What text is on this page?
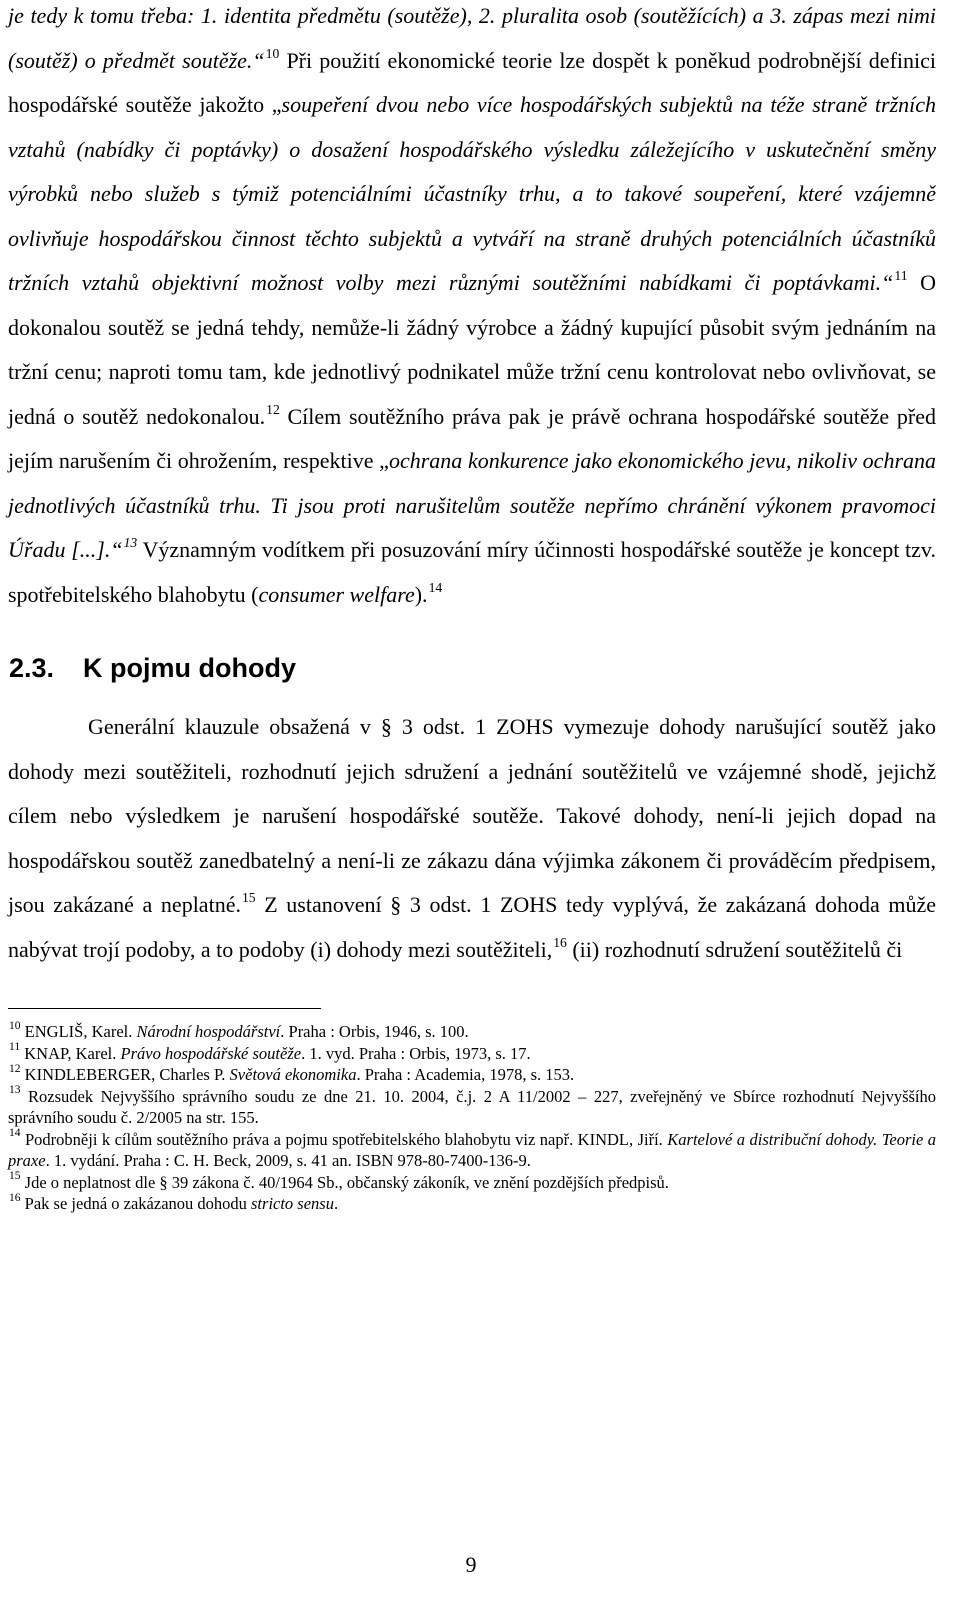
je tedy k tomu třeba: 1. identita předmětu (soutěže), 2. pluralita osob (soutěžících) a 3. zápas mezi nimi (soutěž) o předmět soutěže.“$^{10}$ Při použití ekonomické teorie lze dospět k poněkud podrobnější definici hospodářské soutěže jakožto „soupeření dvou nebo více hospodářských subjektů na téže straně tržních vztahů (nabídky či poptávky) o dosažení hospodářského výsledku záležejícího v uskutečnění směny výrobků nebo služeb s týmiž potenciálními účastníky trhu, a to takové soupeření, které vzájemně ovlivňuje hospodářskou činnost těchto subjektů a vytváří na straně druhých potenciálních účastníků tržních vztahů objektivní možnost volby mezi různými soutěžními nabídkami či poptávkami.“$^{11}$ O dokonalou soutěž se jedná tehdy, nemůže-li žádný výrobce a žádný kupující působit svým jednáním na tržní cenu; naproti tomu tam, kde jednotlivý podnikatel může tržní cenu kontrolovat nebo ovlivňovat, se jedná o soutěž nedokonalou.$^{12}$ Cílem soutěžního práva pak je právě ochrana hospodářské soutěže před jejím narušením či ohrožením, respektive „ochrana konkurence jako ekonomického jevu, nikoliv ochrana jednotlivých účastníků trhu. Ti jsou proti narušitelům soutěže nepřímo chránění výkonem pravomoci Úřadu [...].“$^{13}$ Významným vodítkem při posuzování míry účinnosti hospodářské soutěže je koncept tzv. spotřebitelského blahobytu (consumer welfare).$^{14}$

2.3. K pojmu dohody

Generální klauzule obsažená v § 3 odst. 1 ZOHS vymezuje dohody narušující soutěž jako dohody mezi soutěžiteli, rozhodnutí jejich sdružení a jednání soutěžitelů ve vzájemné shodě, jejichž cílem nebo výsledkem je narušení hospodářské soutěže. Takové dohody, není-li jejich dopad na hospodářskou soutěž zanedbatelný a není-li ze zákazu dána výjimka zákonem či prováděcím předpisem, jsou zakázané a neplatné.$^{15}$ Z ustanovení § 3 odst. 1 ZOHS tedy vyplývá, že zakázaná dohoda může nabývat trojí podoby, a to podoby (i) dohody mezi soutěžiteli,$^{16}$ (ii) rozhodnutí sdružení soutěžitelů či

$^{10}$ ENGLIŠ, Karel. Národní hospodářství. Praha : Orbis, 1946, s. 100.

$^{11}$ KNAP, Karel. Právo hospodářské soutěže. 1. vyd. Praha : Orbis, 1973, s. 17.

$^{12}$ KINDLEBERGER, Charles P. Světová ekonomika. Praha : Academia, 1978, s. 153.

$^{13}$ Rozsudek Nejvyššího správního soudu ze dne 21. 10. 2004, č.j. 2 A 11/2002 – 227, zveřejněný ve Sbírce rozhodnutí Nejvyššího správního soudu č. 2/2005 na str. 155.

$^{14}$ Podrobněji k cílům soutěžního práva a pojmu spotřebitelského blahobytu viz např. KINDL, Jiří. Kartelové a distribuční dohody. Teorie a praxe. 1. vydání. Praha : C. H. Beck, 2009, s. 41 an. ISBN 978-80-7400-136-9.

$^{15}$ Jde o neplatnost dle § 39 zákona č. 40/1964 Sb., občanský zákoník, ve znění pozdějších předpisů.

$^{16}$ Pak se jedná o zakázanou dohodu stricto sensu.

9
